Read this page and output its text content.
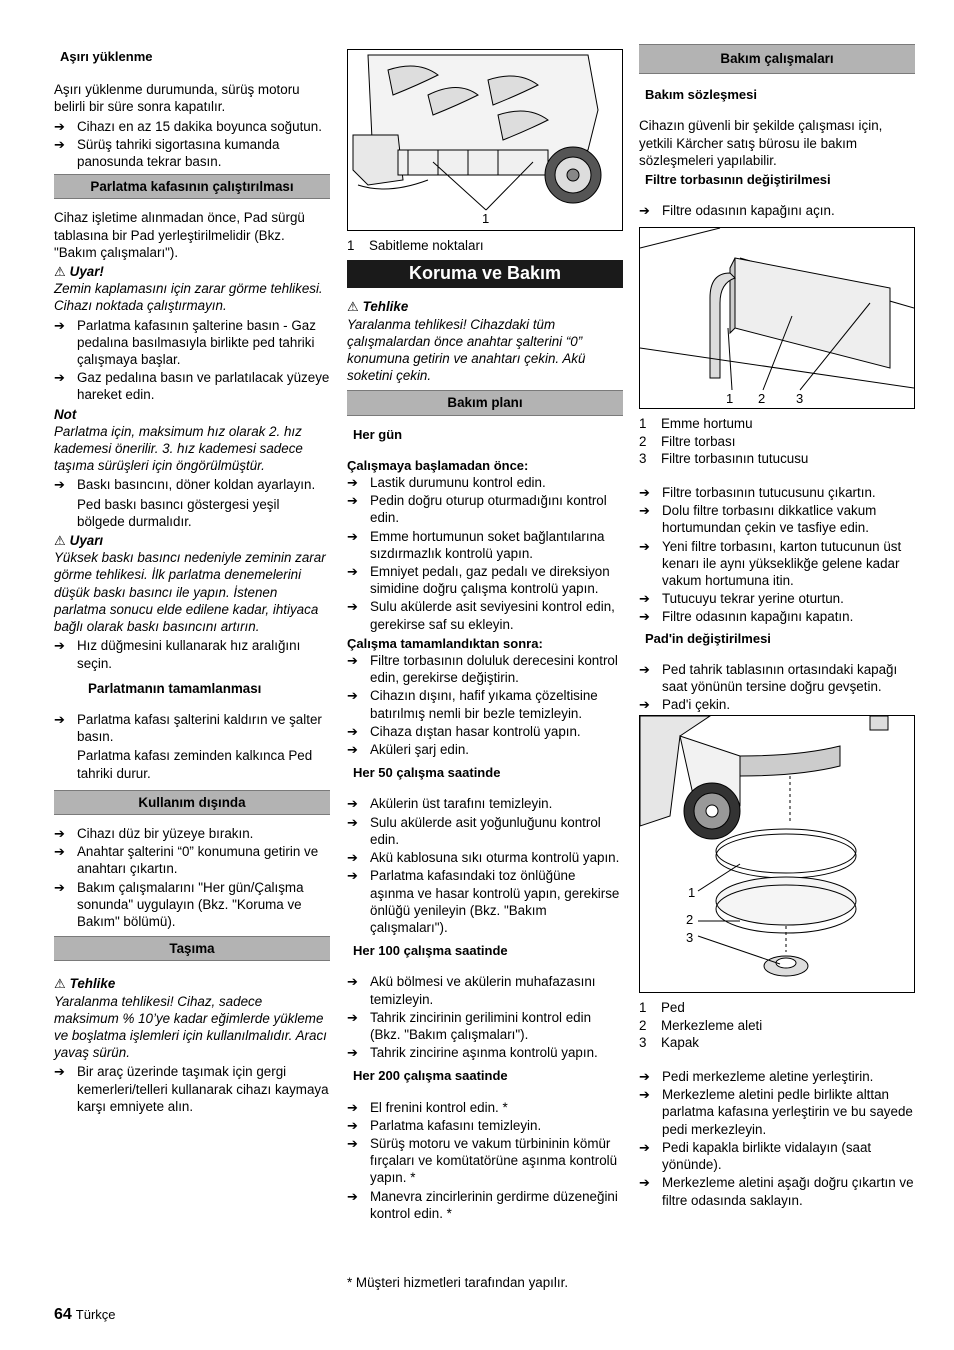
Aşırı yüklenme
Aşırı yüklenme durumunda, sürüş motoru belirli bir süre sonra kapatılır.
➔ Cihazı en az 15 dakika boyunca soğutun.
➔ Sürüş tahriki sigortasına kumanda panosunda tekrar basın.
Parlatma kafasının çalıştırılması
Cihaz işletime alınmadan önce, Pad sürgü tablasına bir Pad yerleştirilmelidir (Bkz. "Bakım çalışmaları").
⚠ Uyar!
Zemin kaplamasını için zarar görme tehlikesi. Cihazı noktada çalıştırmayın.
➔ Parlatma kafasının şalterine basın - Gaz pedalına basılmasıyla birlikte ped tahriki çalışmaya başlar.
➔ Gaz pedalına basın ve parlatılacak yüzeye hareket edin.
Not
Parlatma için, maksimum hız olarak 2. hız kademesi önerilir. 3. hız kademesi sadece taşıma sürüşleri için öngörülmüştür.
➔ Baskı basıncını, döner koldan ayarlayın.
Ped baskı basıncı göstergesi yeşil bölgede durmalıdır.
⚠ Uyarı
Yüksek baskı basıncı nedeniyle zeminin zarar görme tehlikesi. İlk parlatma denemelerini düşük baskı basıncı ile yapın. İstenen parlatma sonucu elde edilene kadar, ihtiyaca bağlı olarak baskı basıncını artırın.
➔ Hız düğmesini kullanarak hız aralığını seçin.
Parlatmanın tamamlanması
➔ Parlatma kafası şalterini kaldırın ve şalter basın.
Parlatma kafası zeminden kalkınca Ped tahriki durur.
Kullanım dışında
➔ Cihazı düz bir yüzeye bırakın.
➔ Anahtar şalterini “0” konumuna getirin ve anahtarı çıkartın.
➔ Bakım çalışmalarını "Her gün/Çalışma sonunda" uygulayın (Bkz. "Koruma ve Bakım" bölümü).
Taşıma
⚠ Tehlike
Yaralanma tehlikesi! Cihaz, sadece maksimum % 10’ye kadar eğimlerde yükleme ve boşlatma işlemleri için kullanılmalıdır. Aracı yavaş sürün.
➔ Bir araç üzerinde taşımak için gergi kemerleri/telleri kullanarak cihazı kaymaya karşı emniyete alın.
1
1	Sabitleme noktaları
Koruma ve Bakım
⚠ Tehlike
Yaralanma tehlikesi! Cihazdaki tüm çalışmalardan önce anahtar şalterini “0” konumuna getirin ve anahtarı çekin. Akü soketini çekin.
Bakım planı
Her gün
Çalışmaya başlamadan önce:
➔ Lastik durumunu kontrol edin.
➔ Pedin doğru oturup oturmadığını kontrol edin.
➔ Emme hortumunun soket bağlantılarına sızdırmazlık kontrolü yapın.
➔ Emniyet pedalı, gaz pedalı ve direksiyon simidine doğru çalışma kontrolü yapın.
➔ Sulu akülerde asit seviyesini kontrol edin, gerekirse saf su ekleyin.
Çalışma tamamlandıktan sonra:
➔ Filtre torbasının doluluk derecesini kontrol edin, gerekirse değiştirin.
➔ Cihazın dışını, hafif yıkama çözeltisine batırılmış nemli bir bezle temizleyin.
➔ Cihaza dıştan hasar kontrolü yapın.
➔ Aküleri şarj edin.
Her 50 çalışma saatinde
➔ Akülerin üst tarafını temizleyin.
➔ Sulu akülerde asit yoğunluğunu kontrol edin.
➔ Akü kablosuna sıkı oturma kontrolü yapın.
➔ Parlatma kafasındaki toz önlüğüne aşınma ve hasar kontrolü yapın, gerekirse önlüğü yenileyin (Bkz. "Bakım çalışmaları").
Her 100 çalışma saatinde
➔ Akü bölmesi ve akülerin muhafazasını temizleyin.
➔ Tahrik zincirinin gerilimini kontrol edin (Bkz. "Bakım çalışmaları").
➔ Tahrik zincirine aşınma kontrolü yapın.
Her 200 çalışma saatinde
➔ El frenini kontrol edin. *
➔ Parlatma kafasını temizleyin.
➔ Sürüş motoru ve vakum türbininin kömür fırçaları ve komütatörüne aşınma kontrolü yapın. *
➔ Manevra zincirlerinin gerdirme düzeneğini kontrol edin. *
* Müşteri hizmetleri tarafından yapılır.
Bakım çalışmaları
Bakım sözleşmesi
Cihazın güvenli bir şekilde çalışması için, yetkili Kärcher satış bürosu ile bakım sözleşmeleri yapılabilir.
Filtre torbasının değiştirilmesi
➔ Filtre odasının kapağını açın.
1 2 3
1	Emme hortumu
2	Filtre torbası
3	Filtre torbasının tutucusu
➔ Filtre torbasının tutucusunu çıkartın.
➔ Dolu filtre torbasını dikkatlice vakum hortumundan çekin ve tasfiye edin.
➔ Yeni filtre torbasını, karton tutucunun üst kenarı ile aynı yükseklikğe gelene kadar vakum hortumuna itin.
➔ Tutucuyu tekrar yerine oturtun.
➔ Filtre odasının kapağını kapatın.
Pad'in değiştirilmesi
➔ Ped tahrik tablasının ortasındaki kapağı saat yönünün tersine doğru gevşetin.
➔ Pad'i çekin.
1
2
3
1	Ped
2	Merkezleme aleti
3	Kapak
➔ Pedi merkezleme aletine yerleştirin.
➔ Merkezleme aletini pedle birlikte alttan parlatma kafasına yerleştirin ve bu sayede pedi merkezleyin.
➔ Pedi kapakla birlikte vidalayın (saat yönünde).
➔ Merkezleme aletini aşağı doğru çıkartın ve filtre odasında saklayın.
64 Türkçe
